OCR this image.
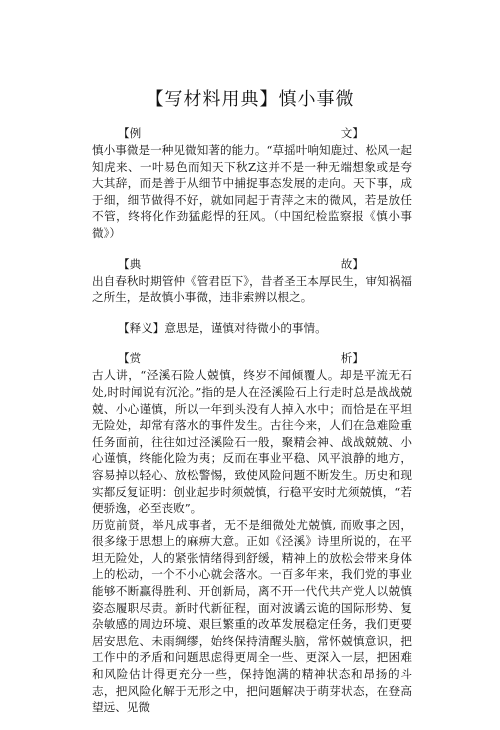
【写材料用典】慎小事微
【例	文】

慎小事微是一种见微知著的能力。“草摇叶响知鹿过、松风一起知虎来、一叶易色而知天下秋Z这并不是一种无端想象或是夸大其辞，而是善于从细节中捕捉事态发展的走向。天下事，成于细，细节做得不好，就如同起于青萍之末的微风，若是放任不管，终将化作劲猛彪悍的狂风。（中国纪检监察报《慎小事微》）

【典	故】

出自春秋时期管仲《管君臣下》，昔者圣王本厚民生，审知祸福之所生，是故慎小事微，违非索辨以根之。

【释义】意思是，谨慎对待微小的事情。

【赏	析】

古人讲，“泾溪石险人兢慎，终岁不闻倾覆人。却是平流无石处,时时闻说有沉沦。”指的是人在泾溪险石上行走时总是战战兢兢、小心谨慎，所以一年到头没有人掉入水中；而恰是在平坦无险处，却常有落水的事件发生。古往今来，人们在急难险重任务面前，往往如过泾溪险石一般，聚精会神、战战兢兢、小心谨慎，终能化险为夷；反而在事业平稳、风平浪静的地方，容易掉以轻心、放松警惕，致使风险问题不断发生。历史和现实都反复证明：创业起步时须兢慎，行稳平安时尤须兢慎，“若便骄逸，必至丧败”。

历览前贤，举凡成事者，无不是细微处尤兢慎, 而败事之因，很多缘于思想上的麻痹大意。正如《泾溪》诗里所说的，在平坦无险处，人的紧张情绪得到舒缓，精神上的放松会带来身体上的松动，一个不小心就会落水。一百多年来，我们党的事业能够不断赢得胜利、开创新局，离不开一代代共产党人以兢慎姿态履职尽责。新时代新征程，面对波谲云诡的国际形势、复杂敏感的周边环境、艰巨繁重的改革发展稳定任务，我们更要居安思危、未雨绸缪，始终保持清醒头脑，常怀兢慎意识，把工作中的矛盾和问题思虑得更周全一些、更深入一层，把困难和风险估计得更充分一些，保持饱满的精神状态和昂扬的斗志，把风险化解于无形之中，把问题解决于萌芽状态，在登高望远、见微
